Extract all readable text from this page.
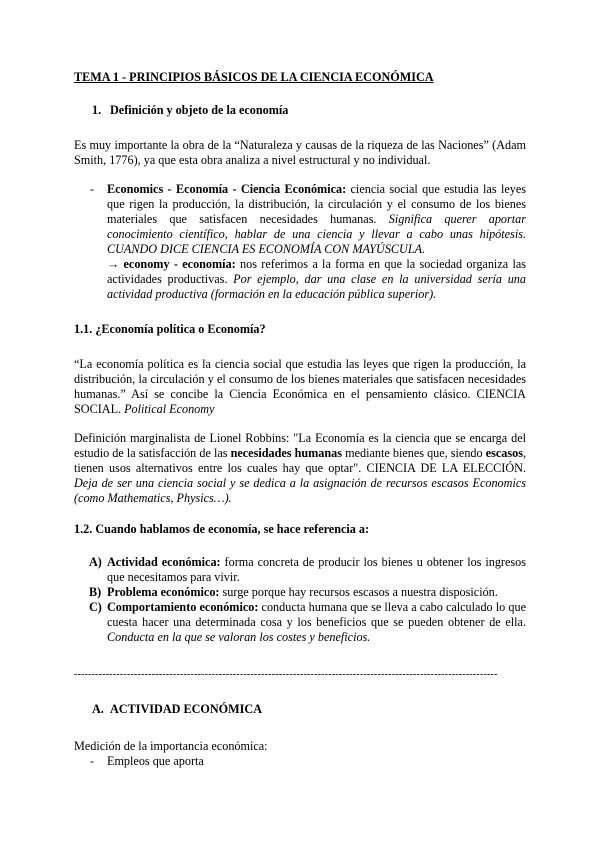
TEMA 1 - PRINCIPIOS BÁSICOS DE LA CIENCIA ECONÓMICA
1. Definición y objeto de la economía

Es muy importante la obra de la “Naturaleza y causas de la riqueza de las Naciones” (Adam Smith, 1776), ya que esta obra analiza a nivel estructural y no individual.

-	Economics - Economía - Ciencia Económica: ciencia social que estudia las leyes que rigen la producción, la distribución, la circulación y el consumo de los bienes materiales que satisfacen necesidades humanas. Significa querer aportar conocimiento científico, hablar de una ciencia y llevar a cabo unas hipótesis. CUANDO DICE CIENCIA ES ECONOMÍA CON MAYÚSCULA.
→ economy - economía: nos referimos a la forma en que la sociedad organiza las actividades productivas. Por ejemplo, dar una clase en la universidad sería una actividad productiva (formación en la educación pública superior).
1.1. ¿Economía política o Economía?

“La economía política es la ciencia social que estudia las leyes que rigen la producción, la distribución, la circulación y el consumo de los bienes materiales que satisfacen necesidades humanas.” Así se concibe la Ciencia Económica en el pensamiento clásico. CIENCIA SOCIAL. Political Economy

Definición marginalista de Lionel Robbins: "La Economía es la ciencia que se encarga del estudio de la satisfacción de las necesidades humanas mediante bienes que, siendo escasos, tienen usos alternativos entre los cuales hay que optar". CIENCIA DE LA ELECCIÓN. Deja de ser una ciencia social y se dedica a la asignación de recursos escasos Economics (como Mathematics, Physics…).

1.2. Cuando hablamos de economía, se hace referencia a:
A) Actividad económica: forma concreta de producir los bienes u obtener los ingresos que necesitamos para vivir.
B) Problema económico: surge porque hay recursos escasos a nuestra disposición.
C) Comportamiento económico: conducta humana que se lleva a cabo calculado lo que cuesta hacer una determinada cosa y los beneficios que se pueden obtener de ella. Conducta en la que se valoran los costes y beneficios.
------------------------------------------------------------------------------------------------------------------------
A. ACTIVIDAD ECONÓMICA
Medición de la importancia económica:
-	Empleos que aporta
